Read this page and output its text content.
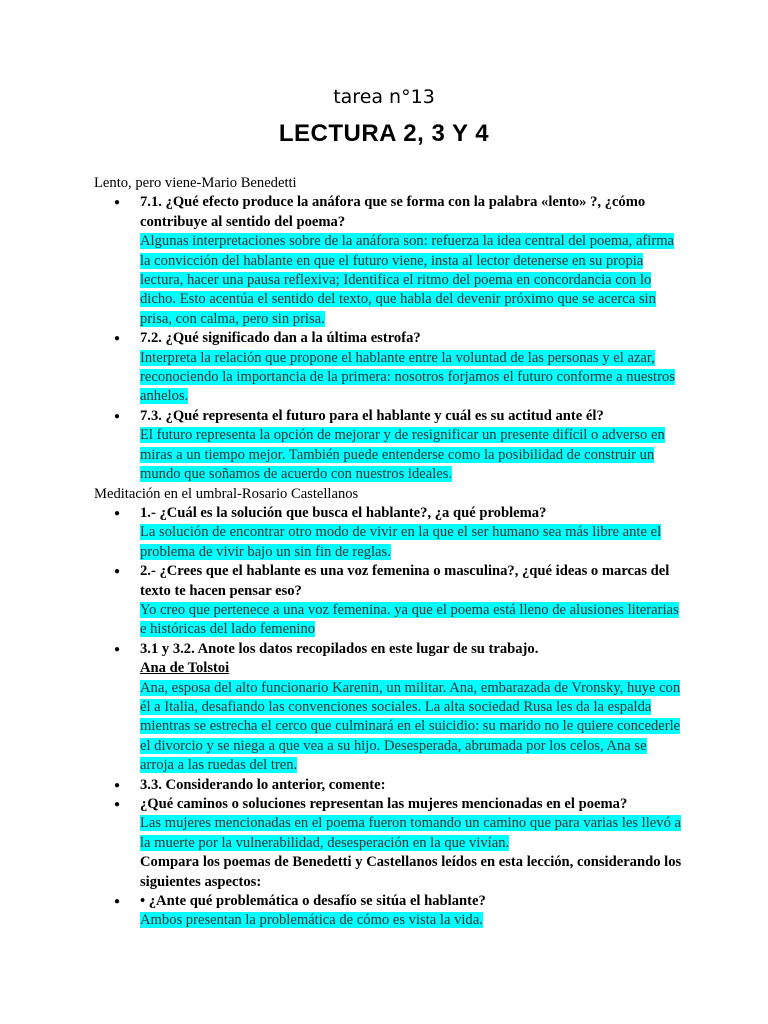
tarea n°13
LECTURA 2, 3 Y 4

Lento, pero viene-Mario Benedetti

● 7.1. ¿Qué efecto produce la anáfora que se forma con la palabra «lento» ?, ¿cómo contribuye al sentido del poema?

Algunas interpretaciones sobre de la anáfora son: refuerza la idea central del poema, afirma la convicción del hablante en que el futuro viene, insta al lector detenerse en su propia lectura, hacer una pausa reflexiva; Identifica el ritmo del poema en concordancia con lo dicho. Esto acentúa el sentido del texto, que habla del devenir próximo que se acerca sin prisa, con calma, pero sin prisa.

● 7.2. ¿Qué significado dan a la última estrofa?

Interpreta la relación que propone el hablante entre la voluntad de las personas y el azar, reconociendo la importancia de la primera: nosotros forjamos el futuro conforme a nuestros anhelos.

● 7.3. ¿Qué representa el futuro para el hablante y cuál es su actitud ante él?

El futuro representa la opción de mejorar y de resignificar un presente difícil o adverso en miras a un tiempo mejor. También puede entenderse como la posibilidad de construir un mundo que soñamos de acuerdo con nuestros ideales.

Meditación en el umbral-Rosario Castellanos

● 1.- ¿Cuál es la solución que busca el hablante?, ¿a qué problema?

La solución de encontrar otro modo de vivir en la que el ser humano sea más libre ante el problema de vivir bajo un sin fin de reglas.

● 2.- ¿Crees que el hablante es una voz femenina o masculina?, ¿qué ideas o marcas del texto te hacen pensar eso?

Yo creo que pertenece a una voz femenina. ya que el poema está lleno de alusiones literarias e históricas del lado femenino

● 3.1 y 3.2. Anote los datos recopilados en este lugar de su trabajo.
Ana de Tolstoi

Ana, esposa del alto funcionario Karenin, un militar. Ana, embarazada de Vronsky, huye con él a Italia, desafiando las convenciones sociales. La alta sociedad Rusa les da la espalda mientras se estrecha el cerco que culminará en el suicidio: su marido no le quiere concederle el divorcio y se niega a que vea a su hijo. Desesperada, abrumada por los celos, Ana se arroja a las ruedas del tren.

● 3.3. Considerando lo anterior, comente:
● ¿Qué caminos o soluciones representan las mujeres mencionadas en el poema?

Las mujeres mencionadas en el poema fueron tomando un camino que para varias les llevó a la muerte por la vulnerabilidad, desesperación en la que vivían.

Compara los poemas de Benedetti y Castellanos leídos en esta lección, considerando los siguientes aspectos:
● • ¿Ante qué problemática o desafío se sitúa el hablante?

Ambos presentan la problemática de cómo es vista la vida.
